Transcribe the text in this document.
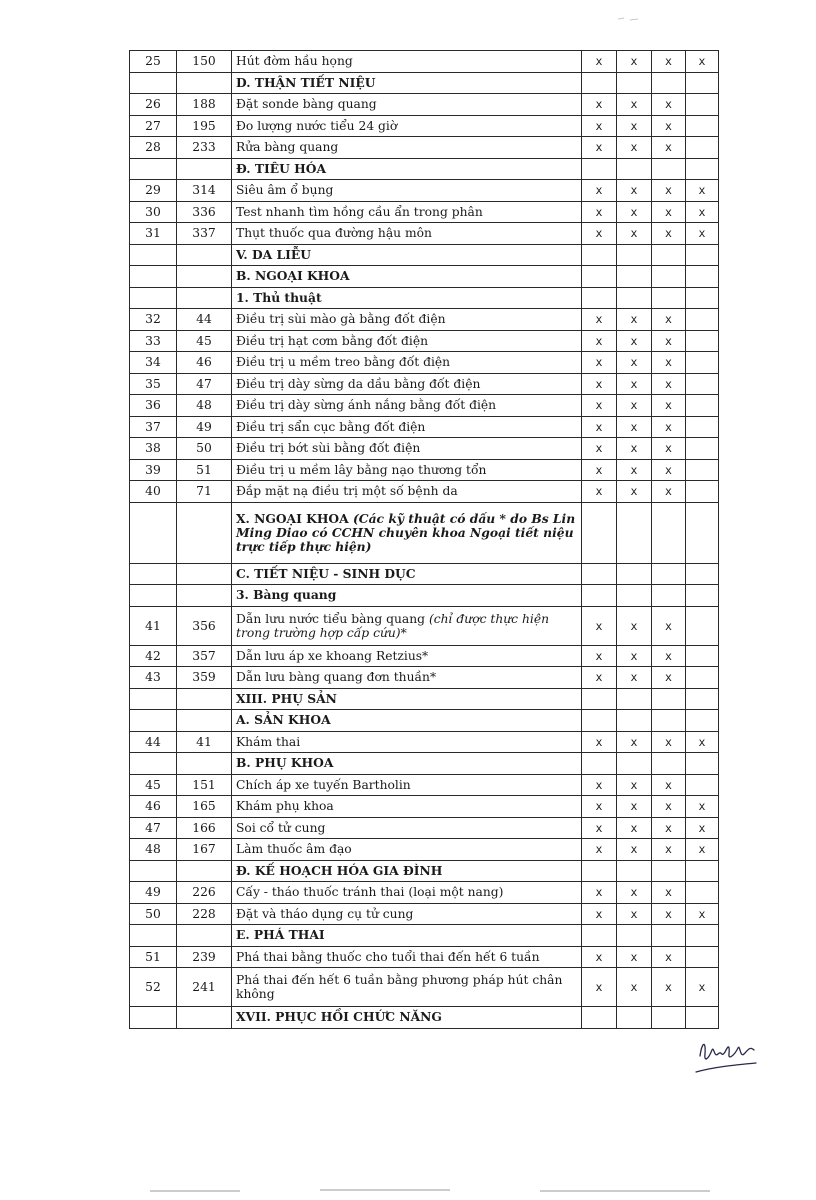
25	150	Hút đờm hầu họng	x	x	x	x
		D. THẬN TIẾT NIỆU				
26	188	Đặt sonde bàng quang	x	x	x	
27	195	Đo lượng nước tiểu 24 giờ	x	x	x	
28	233	Rửa bàng quang	x	x	x	
		Đ. TIÊU HÓA				
29	314	Siêu âm ổ bụng	x	x	x	x
30	336	Test nhanh tìm hồng cầu ẩn trong phân	x	x	x	x
31	337	Thụt thuốc qua đường hậu môn	x	x	x	x
		V. DA LIỄU				
		B. NGOẠI KHOA				
		1. Thủ thuật				
32	44	Điều trị sùi mào gà bằng đốt điện	x	x	x	
33	45	Điều trị hạt cơm bằng đốt điện	x	x	x	
34	46	Điều trị u mềm treo bằng đốt điện	x	x	x	
35	47	Điều trị dày sừng da dầu bằng đốt điện	x	x	x	
36	48	Điều trị dày sừng ánh nắng bằng đốt điện	x	x	x	
37	49	Điều trị sẩn cục bằng đốt điện	x	x	x	
38	50	Điều trị bớt sùi bằng đốt điện	x	x	x	
39	51	Điều trị u mềm lây bằng nạo thương tổn	x	x	x	
40	71	Đắp mặt nạ điều trị một số bệnh da	x	x	x	
		X. NGOẠI KHOA (Các kỹ thuật có dấu * do Bs Lin Ming Diao có CCHN chuyên khoa Ngoại tiết niệu trực tiếp thực hiện)				
		C. TIẾT NIỆU - SINH DỤC				
		3. Bàng quang				
41	356	Dẫn lưu nước tiểu bàng quang (chỉ được thực hiện trong trường hợp cấp cứu)*	x	x	x	
42	357	Dẫn lưu áp xe khoang Retzius*	x	x	x	
43	359	Dẫn lưu bàng quang đơn thuần*	x	x	x	
		XIII. PHỤ SẢN				
		A. SẢN KHOA				
44	41	Khám thai	x	x	x	x
		B. PHỤ KHOA				
45	151	Chích áp xe tuyến Bartholin	x	x	x	
46	165	Khám phụ khoa	x	x	x	x
47	166	Soi cổ tử cung	x	x	x	x
48	167	Làm thuốc âm đạo	x	x	x	x
		Đ. KẾ HOẠCH HÓA GIA ĐÌNH				
49	226	Cấy - tháo thuốc tránh thai (loại một nang)	x	x	x	
50	228	Đặt và tháo dụng cụ tử cung	x	x	x	x
		E. PHÁ THAI				
51	239	Phá thai bằng thuốc cho tuổi thai đến hết 6 tuần	x	x	x	
52	241	Phá thai đến hết 6 tuần bằng phương pháp hút chân không	x	x	x	x
		XVII. PHỤC HỒI CHỨC NĂNG				
